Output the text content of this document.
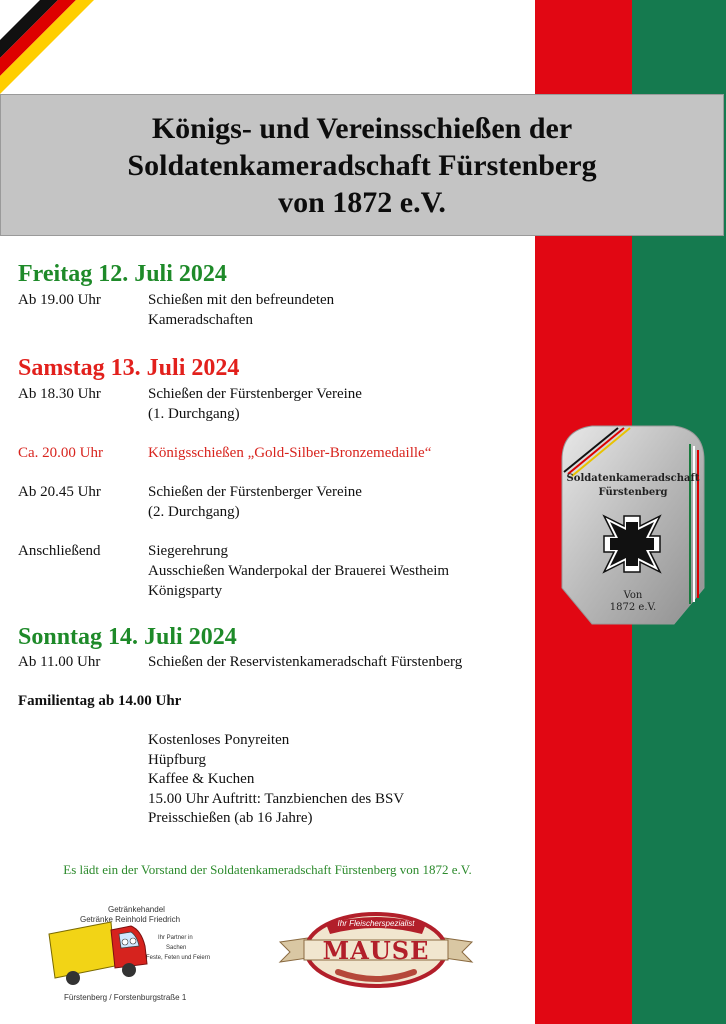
Königs- und Vereinsschießen der
Soldatenkameradschaft Fürstenberg
von 1872 e.V.
Freitag 12. Juli 2024
Ab 19.00 Uhr	Schießen mit den befreundeten
Kameradschaften
Samstag 13. Juli 2024
Ab 18.30 Uhr	Schießen der Fürstenberger Vereine
(1. Durchgang)
Ca. 20.00 Uhr	Königsschießen „Gold-Silber-Bronzemedaille“
Ab 20.45 Uhr	Schießen der Fürstenberger Vereine
(2. Durchgang)
Anschließend	Siegerehrung
Ausschießen Wanderpokal der Brauerei Westheim
Königsparty
Sonntag 14. Juli 2024
Ab 11.00 Uhr	Schießen der Reservistenkameradschaft Fürstenberg
Familientag ab 14.00 Uhr
Kostenloses Ponyreiten
Hüpfburg
Kaffee & Kuchen
15.00 Uhr Auftritt: Tanzbienchen des BSV
Preisschießen (ab 16 Jahre)
Es lädt ein der Vorstand der Soldatenkameradschaft Fürstenberg von 1872 e.V.
Soldatenkameradschaft
Fürstenberg
Von
1872 e.V.
Getränkehandel
Getränke Reinhold Friedrich
Ihr Partner in
Sachen
Feste, Feten und Feiern
Fürstenberg / Forstenburgstraße 1
Ihr Fleischerspezialist
MAUSE
